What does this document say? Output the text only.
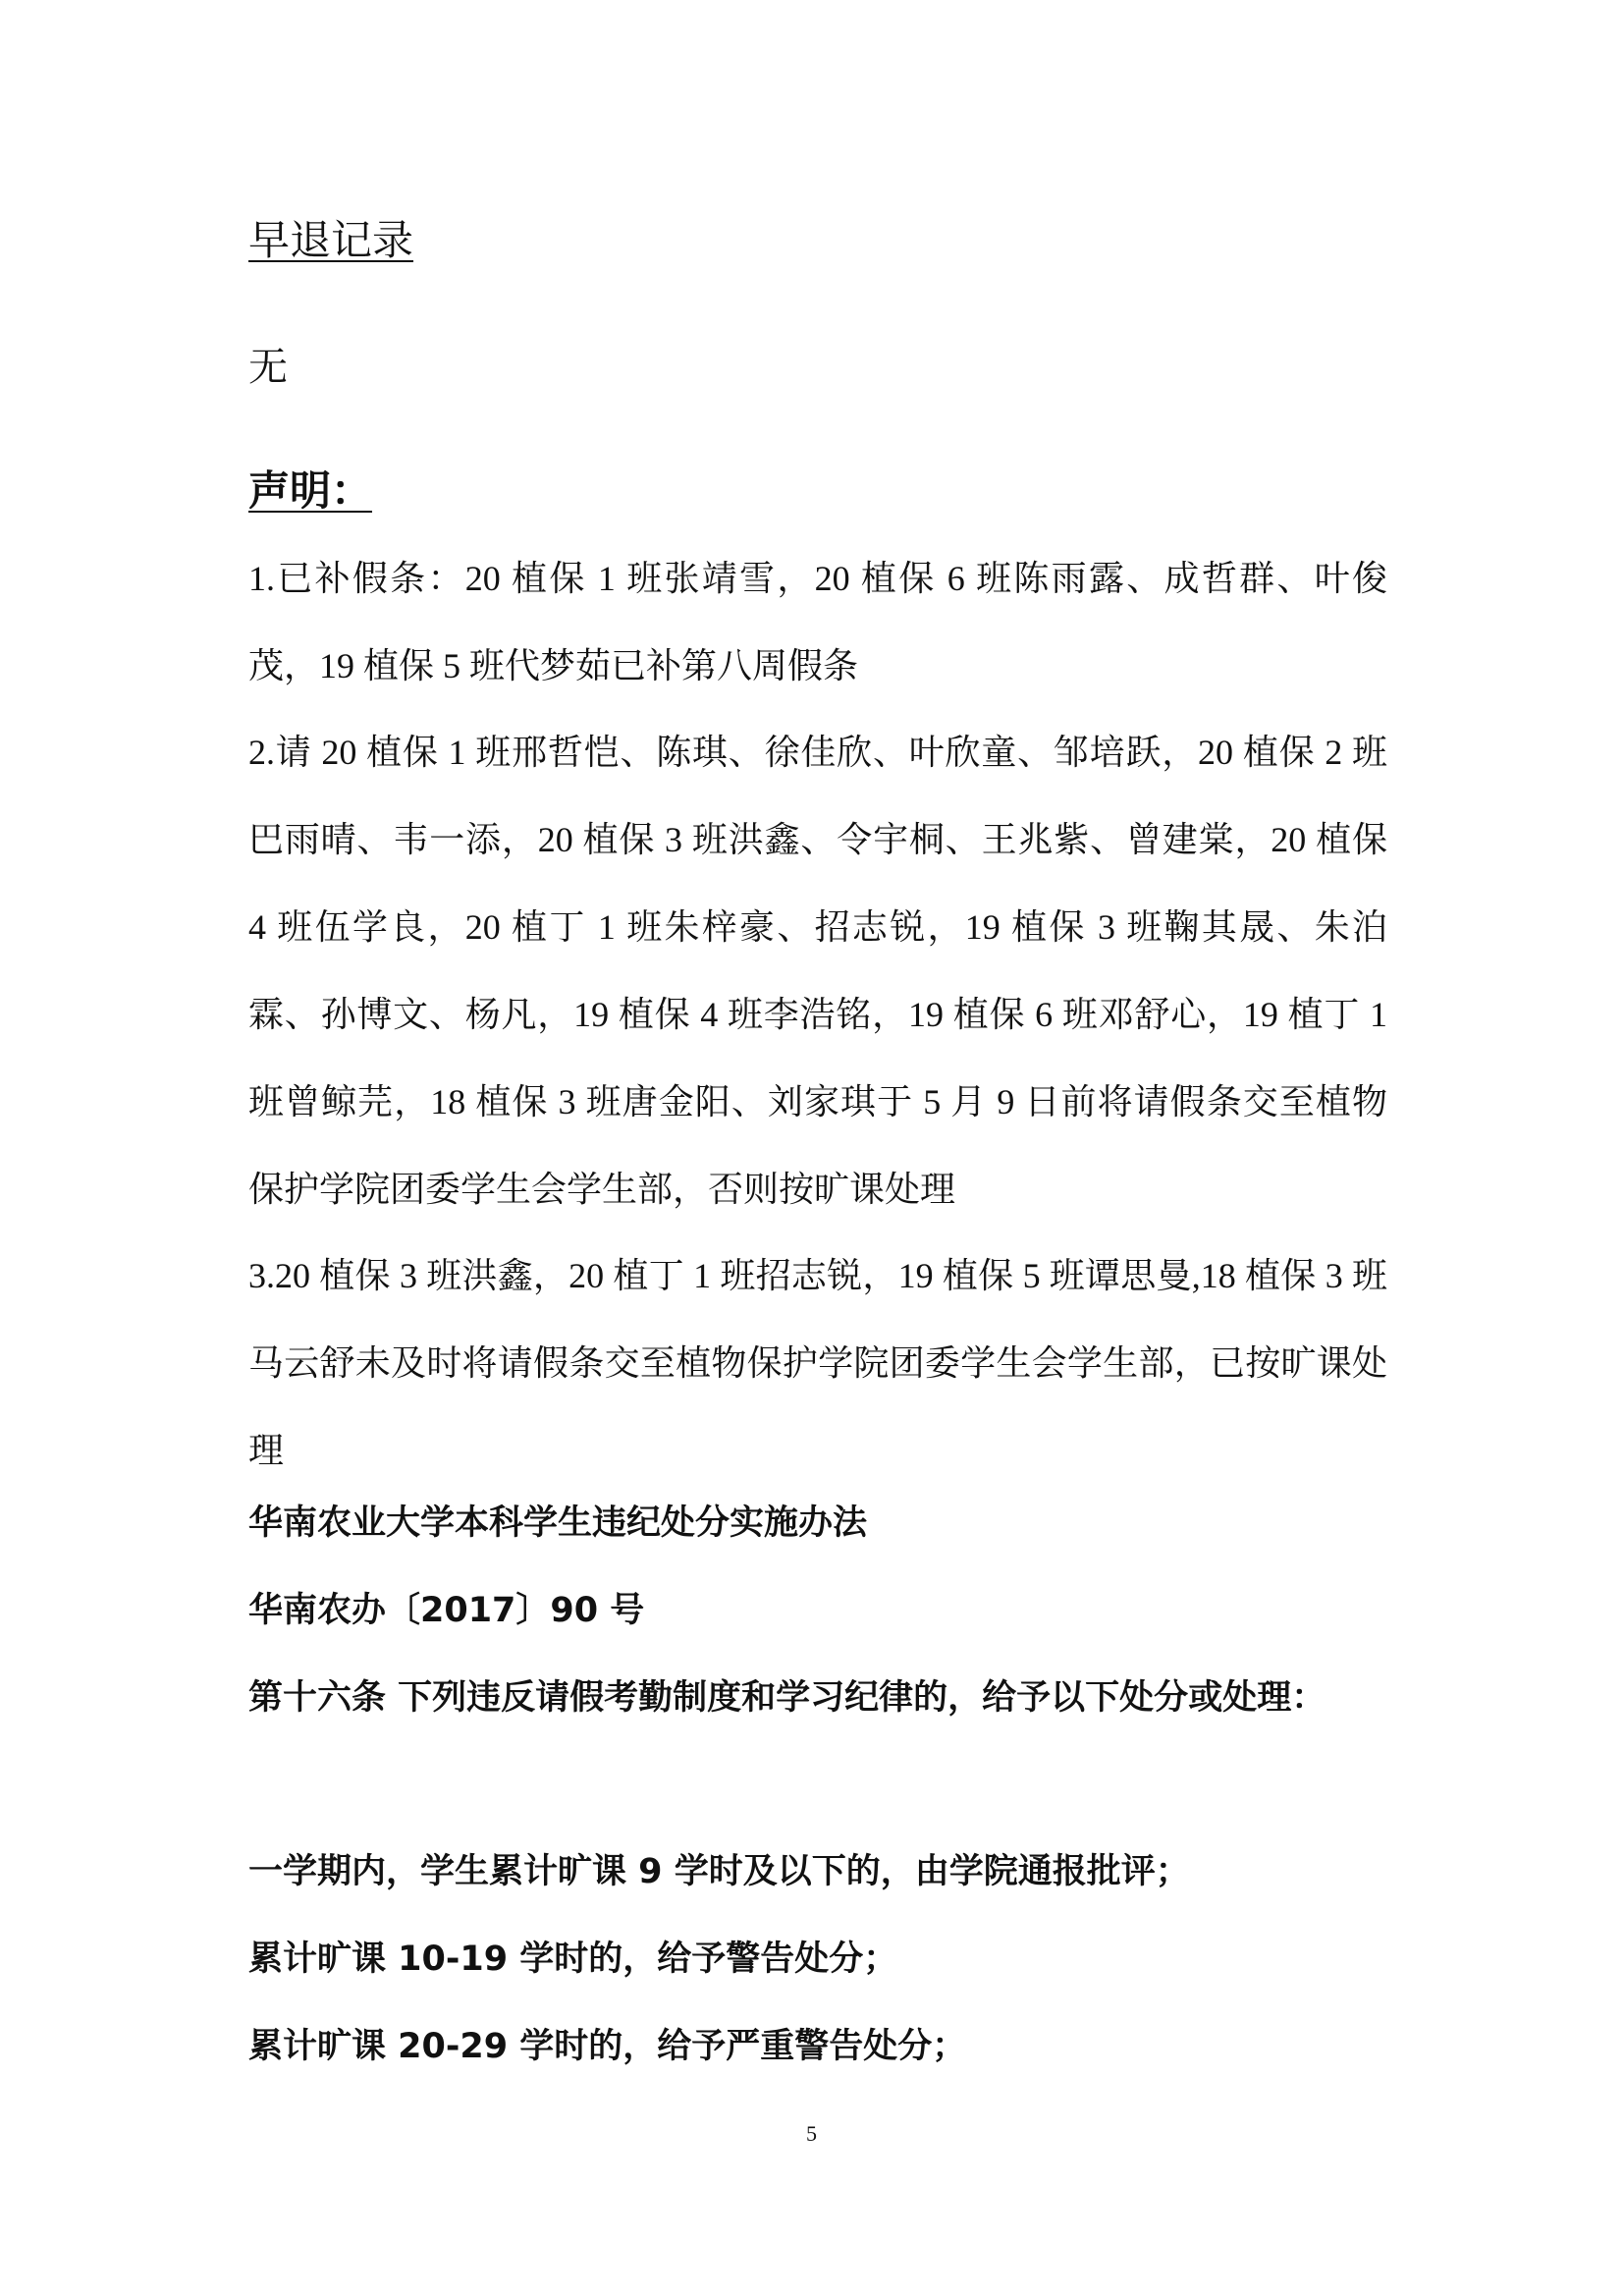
早退记录
无
声明：

1.已补假条：20 植保 1 班张靖雪，20 植保 6 班陈雨露、成哲群、叶俊茂，19 植保 5 班代梦茹已补第八周假条

2.请 20 植保 1 班邢哲恺、陈琪、徐佳欣、叶欣童、邹培跃，20 植保 2 班巴雨晴、韦一添，20 植保 3 班洪鑫、令宇桐、王兆紫、曾建棠，20 植保 4 班伍学良，20 植丁 1 班朱梓豪、招志锐，19 植保 3 班鞠其晟、朱泊霖、孙博文、杨凡，19 植保 4 班李浩铭，19 植保 6 班邓舒心，19 植丁 1 班曾鲸芫，18 植保 3 班唐金阳、刘家琪于 5 月 9 日前将请假条交至植物保护学院团委学生会学生部，否则按旷课处理

3.20 植保 3 班洪鑫，20 植丁 1 班招志锐，19 植保 5 班谭思曼,18 植保 3 班马云舒未及时将请假条交至植物保护学院团委学生会学生部，已按旷课处理

华南农业大学本科学生违纪处分实施办法
华南农办〔2017〕90 号

第十六条 下列违反请假考勤制度和学习纪律的，给予以下处分或处理：

一学期内，学生累计旷课 9 学时及以下的，由学院通报批评；
累计旷课 10-19 学时的，给予警告处分；
累计旷课 20-29 学时的，给予严重警告处分；
5
